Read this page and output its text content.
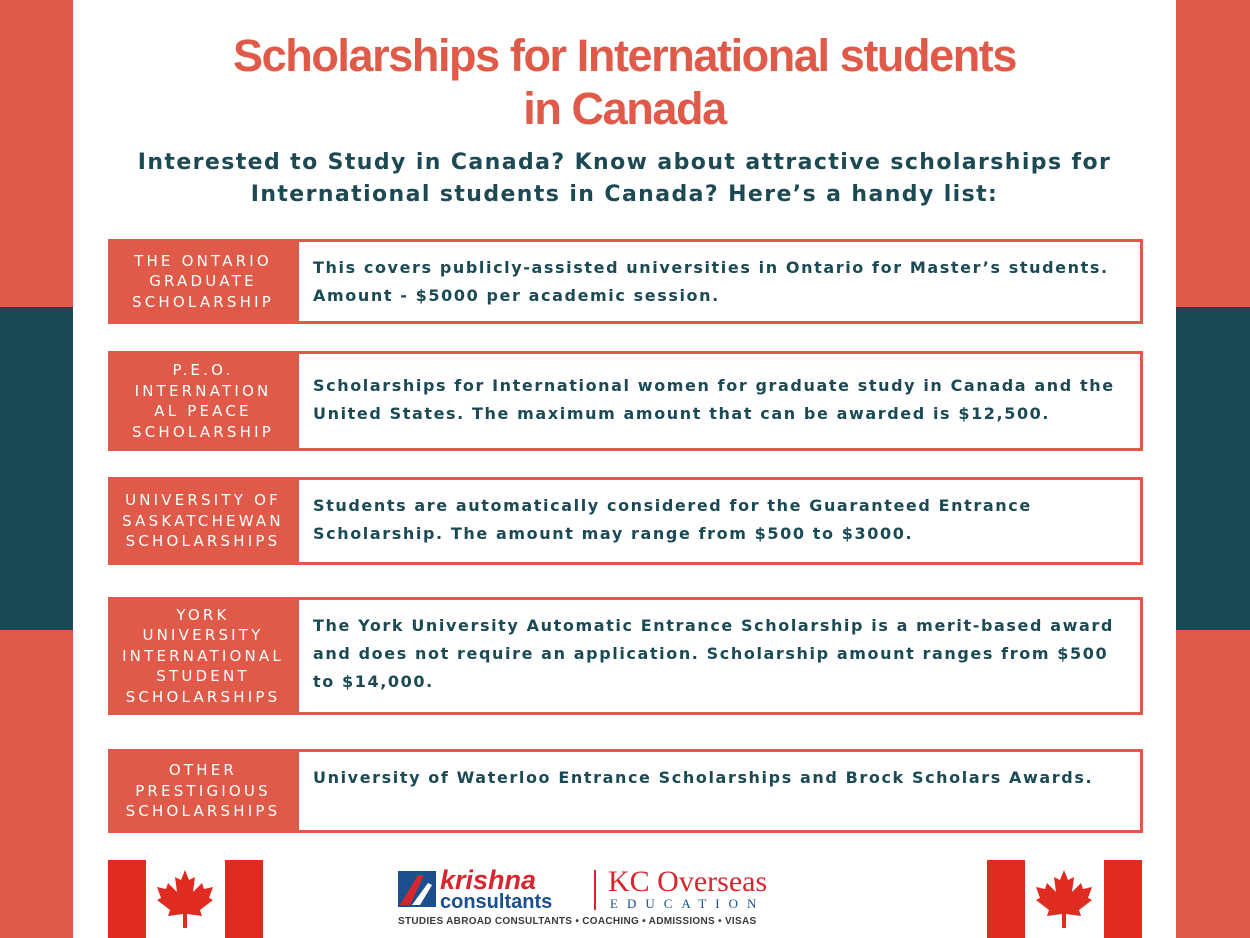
Scholarships for International students
in Canada

Interested to Study in Canada? Know about attractive scholarships for

International students in Canada? Here’s a handy list:

THE ONTARIO
GRADUATE
SCHOLARSHIP
This covers publicly-assisted universities in Ontario for Master’s students. Amount - $5000 per academic session.
P.E.O.
INTERNATION
AL PEACE
SCHOLARSHIP
Scholarships for International women for graduate study in Canada and the United States. The maximum amount that can be awarded is $12,500.
UNIVERSITY OF
SASKATCHEWAN
SCHOLARSHIPS
Students are automatically considered for the Guaranteed Entrance Scholarship. The amount may range from $500 to $3000.
YORK
UNIVERSITY
INTERNATIONAL
STUDENT
SCHOLARSHIPS
The York University Automatic Entrance Scholarship is a merit-based award and does not require an application. Scholarship amount ranges from $500 to $14,000.
OTHER
PRESTIGIOUS
SCHOLARSHIPS
University of Waterloo Entrance Scholarships and Brock Scholars Awards.
krishna
consultants
KC Overseas
EDUCATION
STUDIES ABROAD CONSULTANTS • COACHING • ADMISSIONS • VISAS
